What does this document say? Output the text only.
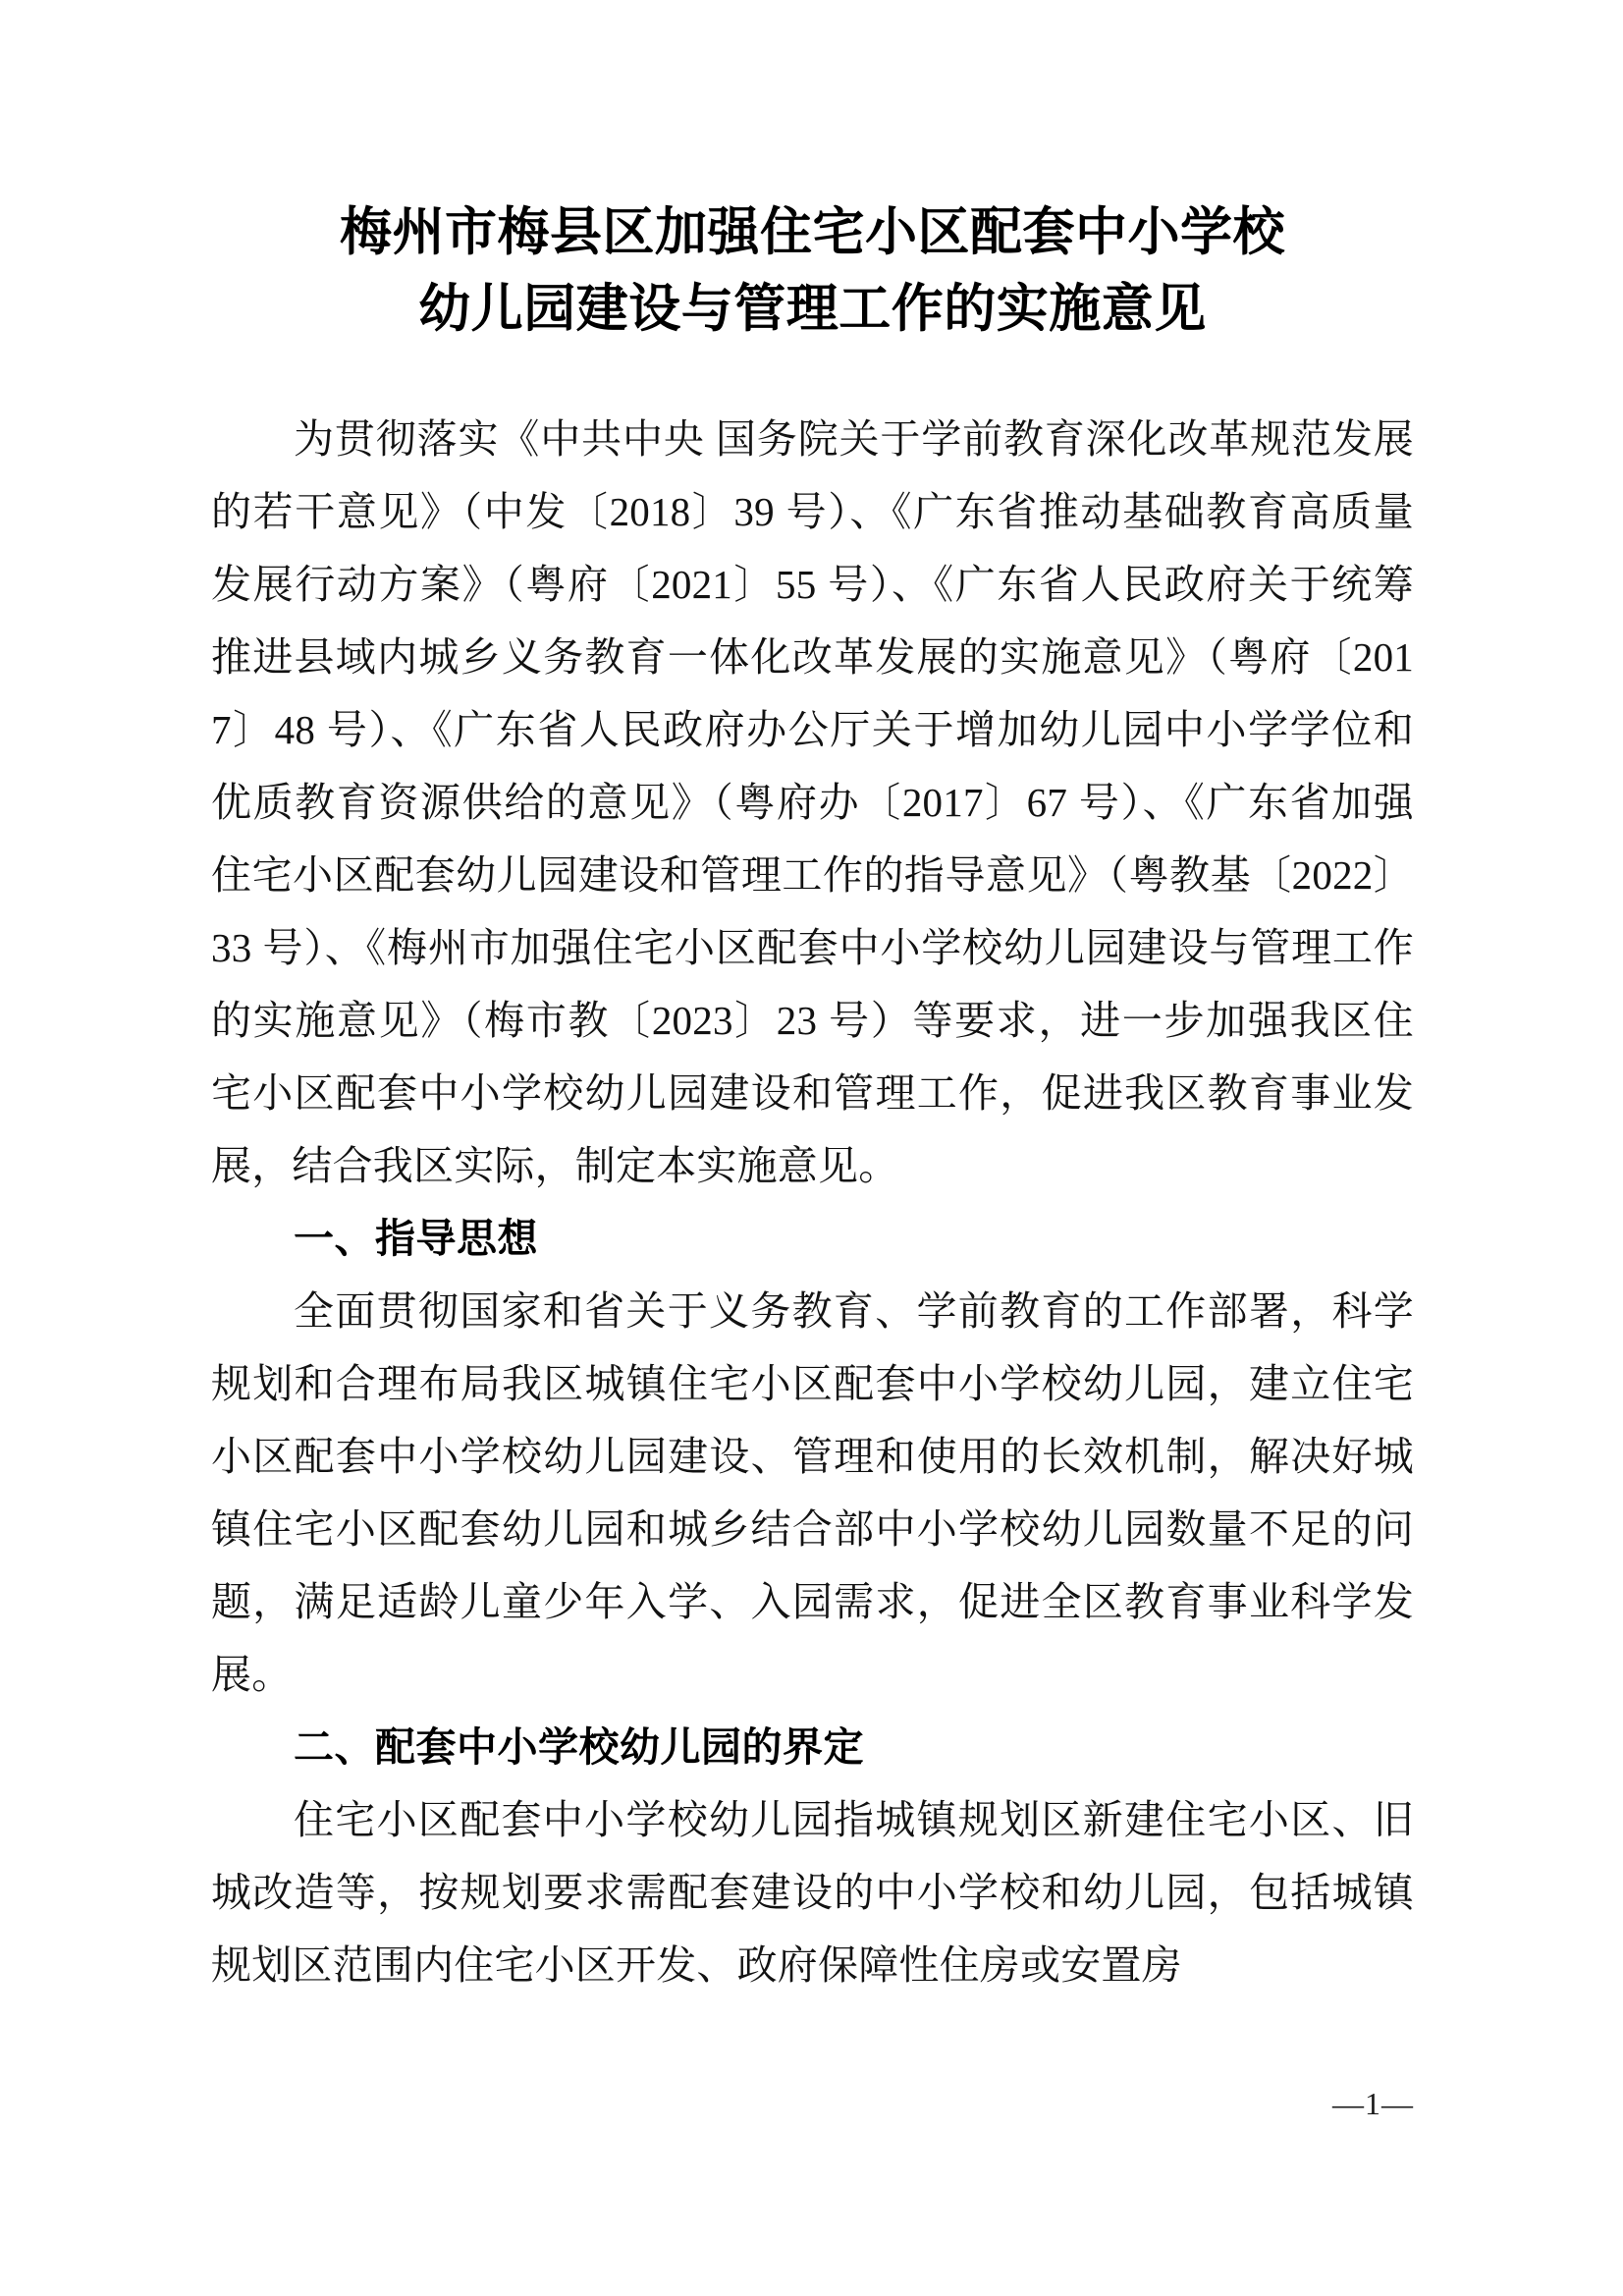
梅州市梅县区加强住宅小区配套中小学校
幼儿园建设与管理工作的实施意见

为贯彻落实《中共中央 国务院关于学前教育深化改革规范发展的若干意见》（中发〔2018〕39 号）、《广东省推动基础教育高质量发展行动方案》（粤府〔2021〕55 号）、《广东省人民政府关于统筹推进县域内城乡义务教育一体化改革发展的实施意见》（粤府〔2017〕48 号）、《广东省人民政府办公厅关于增加幼儿园中小学学位和优质教育资源供给的意见》（粤府办〔2017〕67 号）、《广东省加强住宅小区配套幼儿园建设和管理工作的指导意见》（粤教基〔2022〕33 号）、《梅州市加强住宅小区配套中小学校幼儿园建设与管理工作的实施意见》（梅市教〔2023〕23 号）等要求，进一步加强我区住宅小区配套中小学校幼儿园建设和管理工作，促进我区教育事业发展，结合我区实际，制定本实施意见。

一、指导思想

全面贯彻国家和省关于义务教育、学前教育的工作部署，科学规划和合理布局我区城镇住宅小区配套中小学校幼儿园，建立住宅小区配套中小学校幼儿园建设、管理和使用的长效机制，解决好城镇住宅小区配套幼儿园和城乡结合部中小学校幼儿园数量不足的问题，满足适龄儿童少年入学、入园需求，促进全区教育事业科学发展。

二、配套中小学校幼儿园的界定

住宅小区配套中小学校幼儿园指城镇规划区新建住宅小区、旧城改造等，按规划要求需配套建设的中小学校和幼儿园，包括城镇规划区范围内住宅小区开发、政府保障性住房或安置房

—1—
